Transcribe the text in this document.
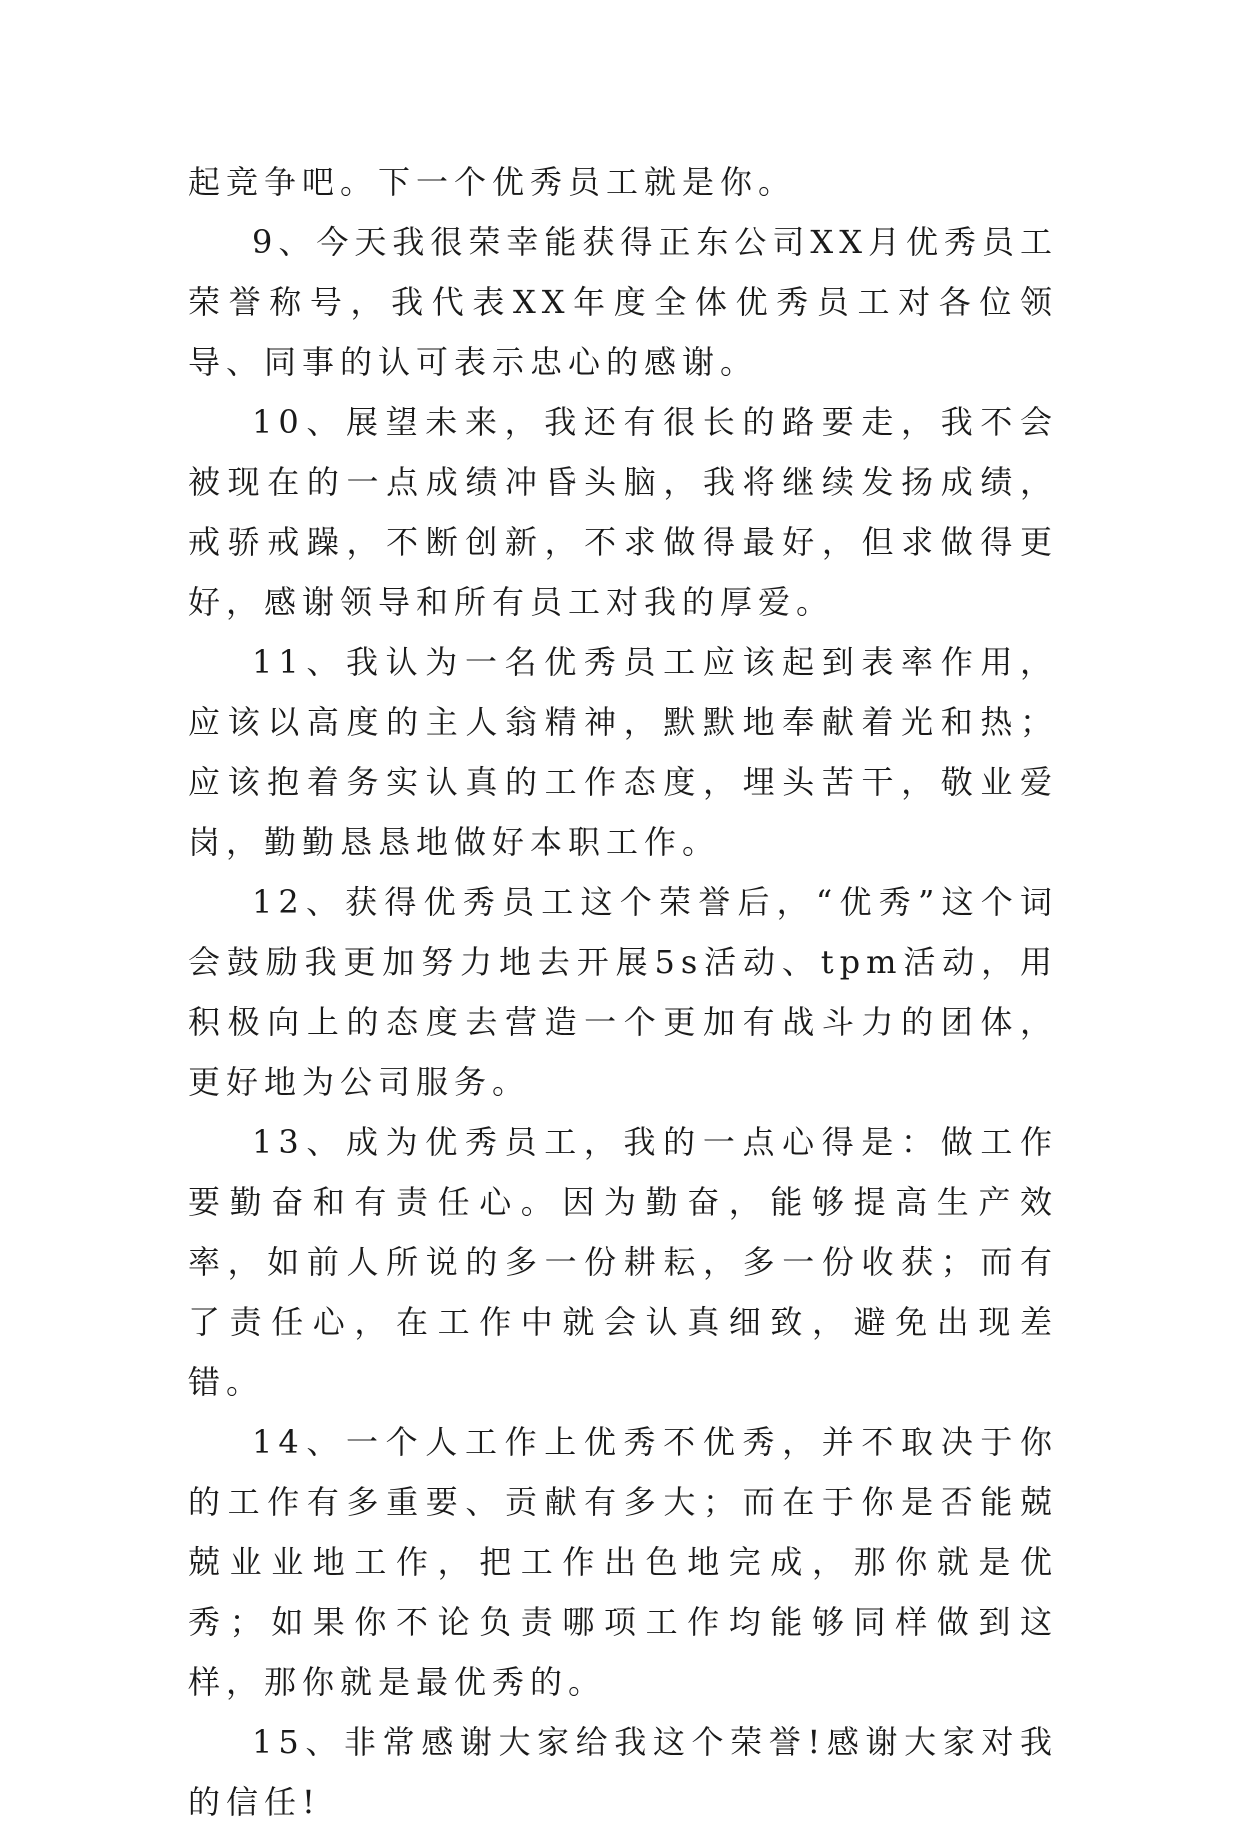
起竞争吧。下一个优秀员工就是你。

9、今天我很荣幸能获得正东公司XX月优秀员工荣誉称号，我代表XX年度全体优秀员工对各位领导、同事的认可表示忠心的感谢。

10、展望未来，我还有很长的路要走，我不会被现在的一点成绩冲昏头脑，我将继续发扬成绩，戒骄戒躁，不断创新，不求做得最好，但求做得更好，感谢领导和所有员工对我的厚爱。

11、我认为一名优秀员工应该起到表率作用，应该以高度的主人翁精神，默默地奉献着光和热；应该抱着务实认真的工作态度，埋头苦干，敬业爱岗，勤勤恳恳地做好本职工作。

12、获得优秀员工这个荣誉后，“优秀”这个词会鼓励我更加努力地去开展5s活动、tpm活动，用积极向上的态度去营造一个更加有战斗力的团体，更好地为公司服务。

13、成为优秀员工，我的一点心得是：做工作要勤奋和有责任心。因为勤奋，能够提高生产效率，如前人所说的多一份耕耘，多一份收获；而有了责任心，在工作中就会认真细致，避免出现差错。

14、一个人工作上优秀不优秀，并不取决于你的工作有多重要、贡献有多大；而在于你是否能兢兢业业地工作，把工作出色地完成，那你就是优秀；如果你不论负责哪项工作均能够同样做到这样，那你就是最优秀的。

15、非常感谢大家给我这个荣誉!感谢大家对我的信任!
